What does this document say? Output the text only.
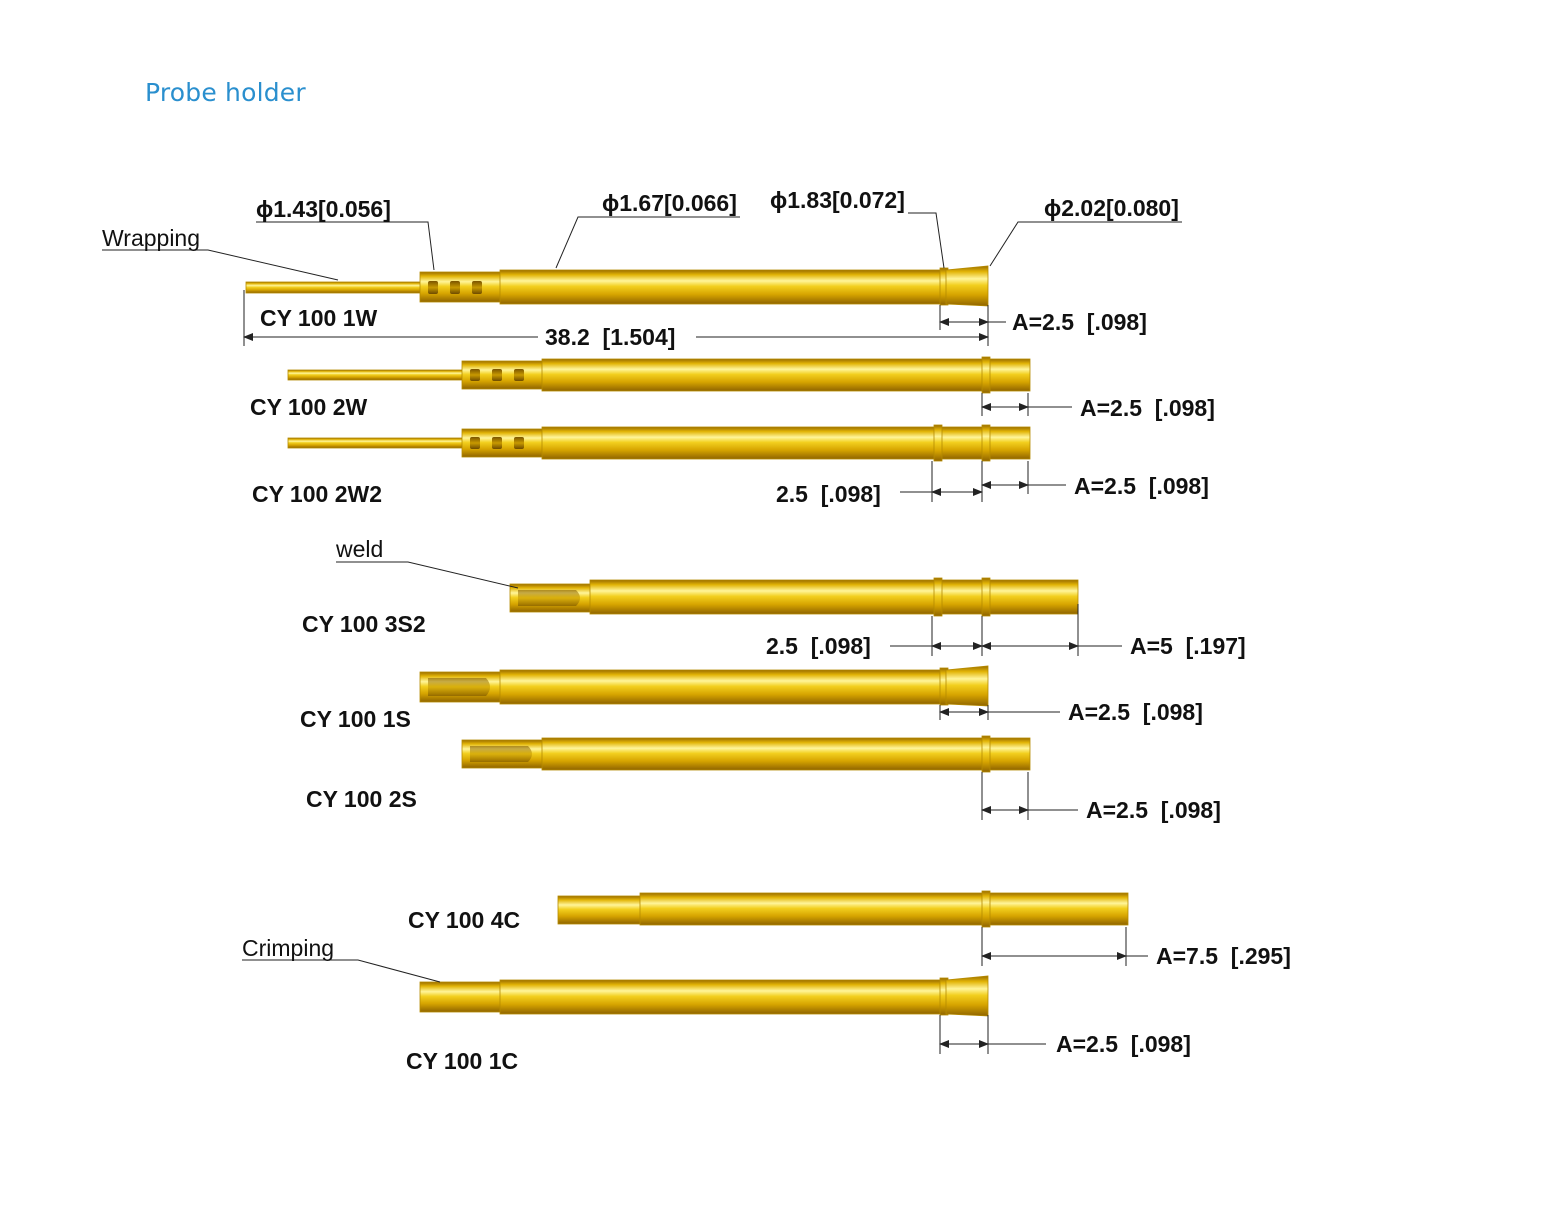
Probe holder
Wrapping
ϕ1.43[0.056]	ϕ1.67[0.066] ϕ1.83[0.072]	ϕ2.02[0.080]
CY 100 1W
38.2  [1.504]
A=2.5  [.098]
CY 100 2W	A=2.5  [.098]
CY 100 2W2	2.5  [.098]	A=2.5  [.098]
weld
CY 100 3S2
2.5  [.098]	A=5  [.197]
CY 100 1S	A=2.5  [.098]
CY 100 2S	A=2.5  [.098]
CY 100 4C
A=7.5  [.295]
Crimping
CY 100 1C
A=2.5  [.098]
